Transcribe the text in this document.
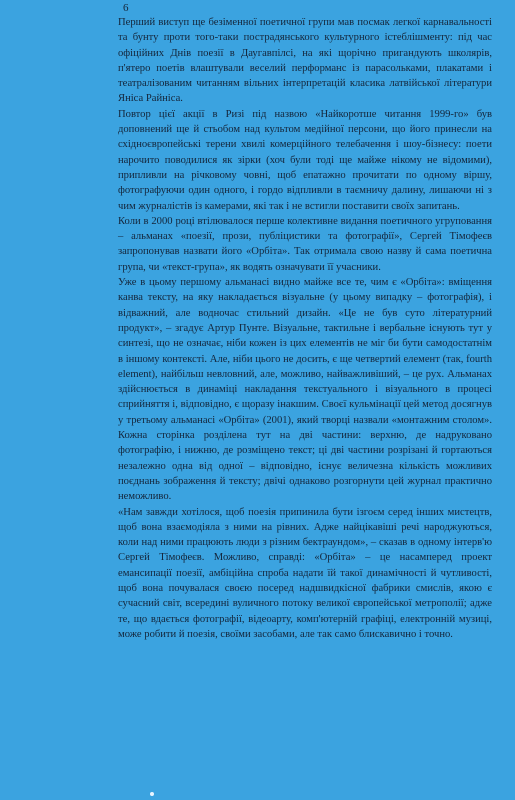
6

Перший виступ ще безіменної поетичної групи мав посмак легкої карнавальності та бунту проти того-таки пострадянського культурного істеблішменту: під час офіційних Днів поезії в Даугавпілсі, на які щорічно пригандують школярів, п'ятеро поетів влаштували веселий перформанс із парасольками, плакатами і театралізованим читанням вільних інтерпретацій класика латвійської літератури Яніса Райніса.

Повтор цієї акції в Ризі під назвою «Найкоротше читання 1999-го» був доповнений ще й стьобом над культом медійної персони, що його принесли на східноєвропейські терени хвилі комерційного телебачення і шоу-бізнесу: поети нарочито поводилися як зірки (хоч були тоді ще майже нікому не відомими), припливли на річковому човні, щоб епатажно прочитати по одному віршу, фотографуючи один одного, і гордо відпливли в таємничу далину, лишаючи ні з чим журналістів із камерами, які так і не встигли поставити своїх запитань.

Коли в 2000 році втілювалося перше колективне видання поетичного угруповання – альманах «поезії, прози, публіцистики та фотографії», Сергей Тімофеєв запропонував назвати його «Орбіта». Так отримала свою назву й сама поетична група, чи «текст-група», як водять означувати її учасники.

Уже в цьому першому альманасі видно майже все те, чим є «Орбіта»: вміщення канва тексту, на яку накладається візуальне (у цьому випадку – фотографія), і відважний, але водночас стильний дизайн. «Це не був суто літературний продукт», – згадує Артур Пунте. Візуальне, тактильне і вербальне існують тут у синтезі, що не означає, ніби кожен із цих елементів не міг би бути самодостатнім в іншому контексті. Але, ніби цього не досить, є ще четвертий елемент (так, fourth element), найбільш невловний, але, можливо, найважливіший, – це рух. Альманах здійснюється в динаміці накладання текстуального і візуального в процесі сприйняття і, відповідно, є щоразу інакшим. Своєї кульмінації цей метод досягнув у третьому альманасі «Орбіта» (2001), який творці назвали «монтажним столом». Кожна сторінка розділена тут на дві частини: верхню, де надруковано фотографію, і нижню, де розміщено текст; ці дві частини розрізані й гортаються незалежно одна від одної – відповідно, існує величезна кількість можливих поєднань зображення й тексту; двічі однаково розгорнути цей журнал практично неможливо.

«Нам завжди хотілося, щоб поезія припинила бути ізгоєм серед інших мистецтв, щоб вона взаємодіяла з ними на рівних. Адже найцікавіші речі народжуються, коли над ними працюють люди з різним бектраундом», – сказав в одному інтерв'ю Сергей Тімофеєв. Можливо, справді: «Орбіта» – це насамперед проект емансипації поезії, амбіційна спроба надати їй такої динамічності й чутливості, щоб вона почувалася своєю посеред надшвидкісної фабрики смислів, якою є сучасний світ, всередині вуличного потоку великої європейської метрополії; адже те, що вдається фотографії, відеоарту, комп'ютерній графіці, електронній музиці, може робити й поезія, своїми засобами, але так само блискавично і точно.
